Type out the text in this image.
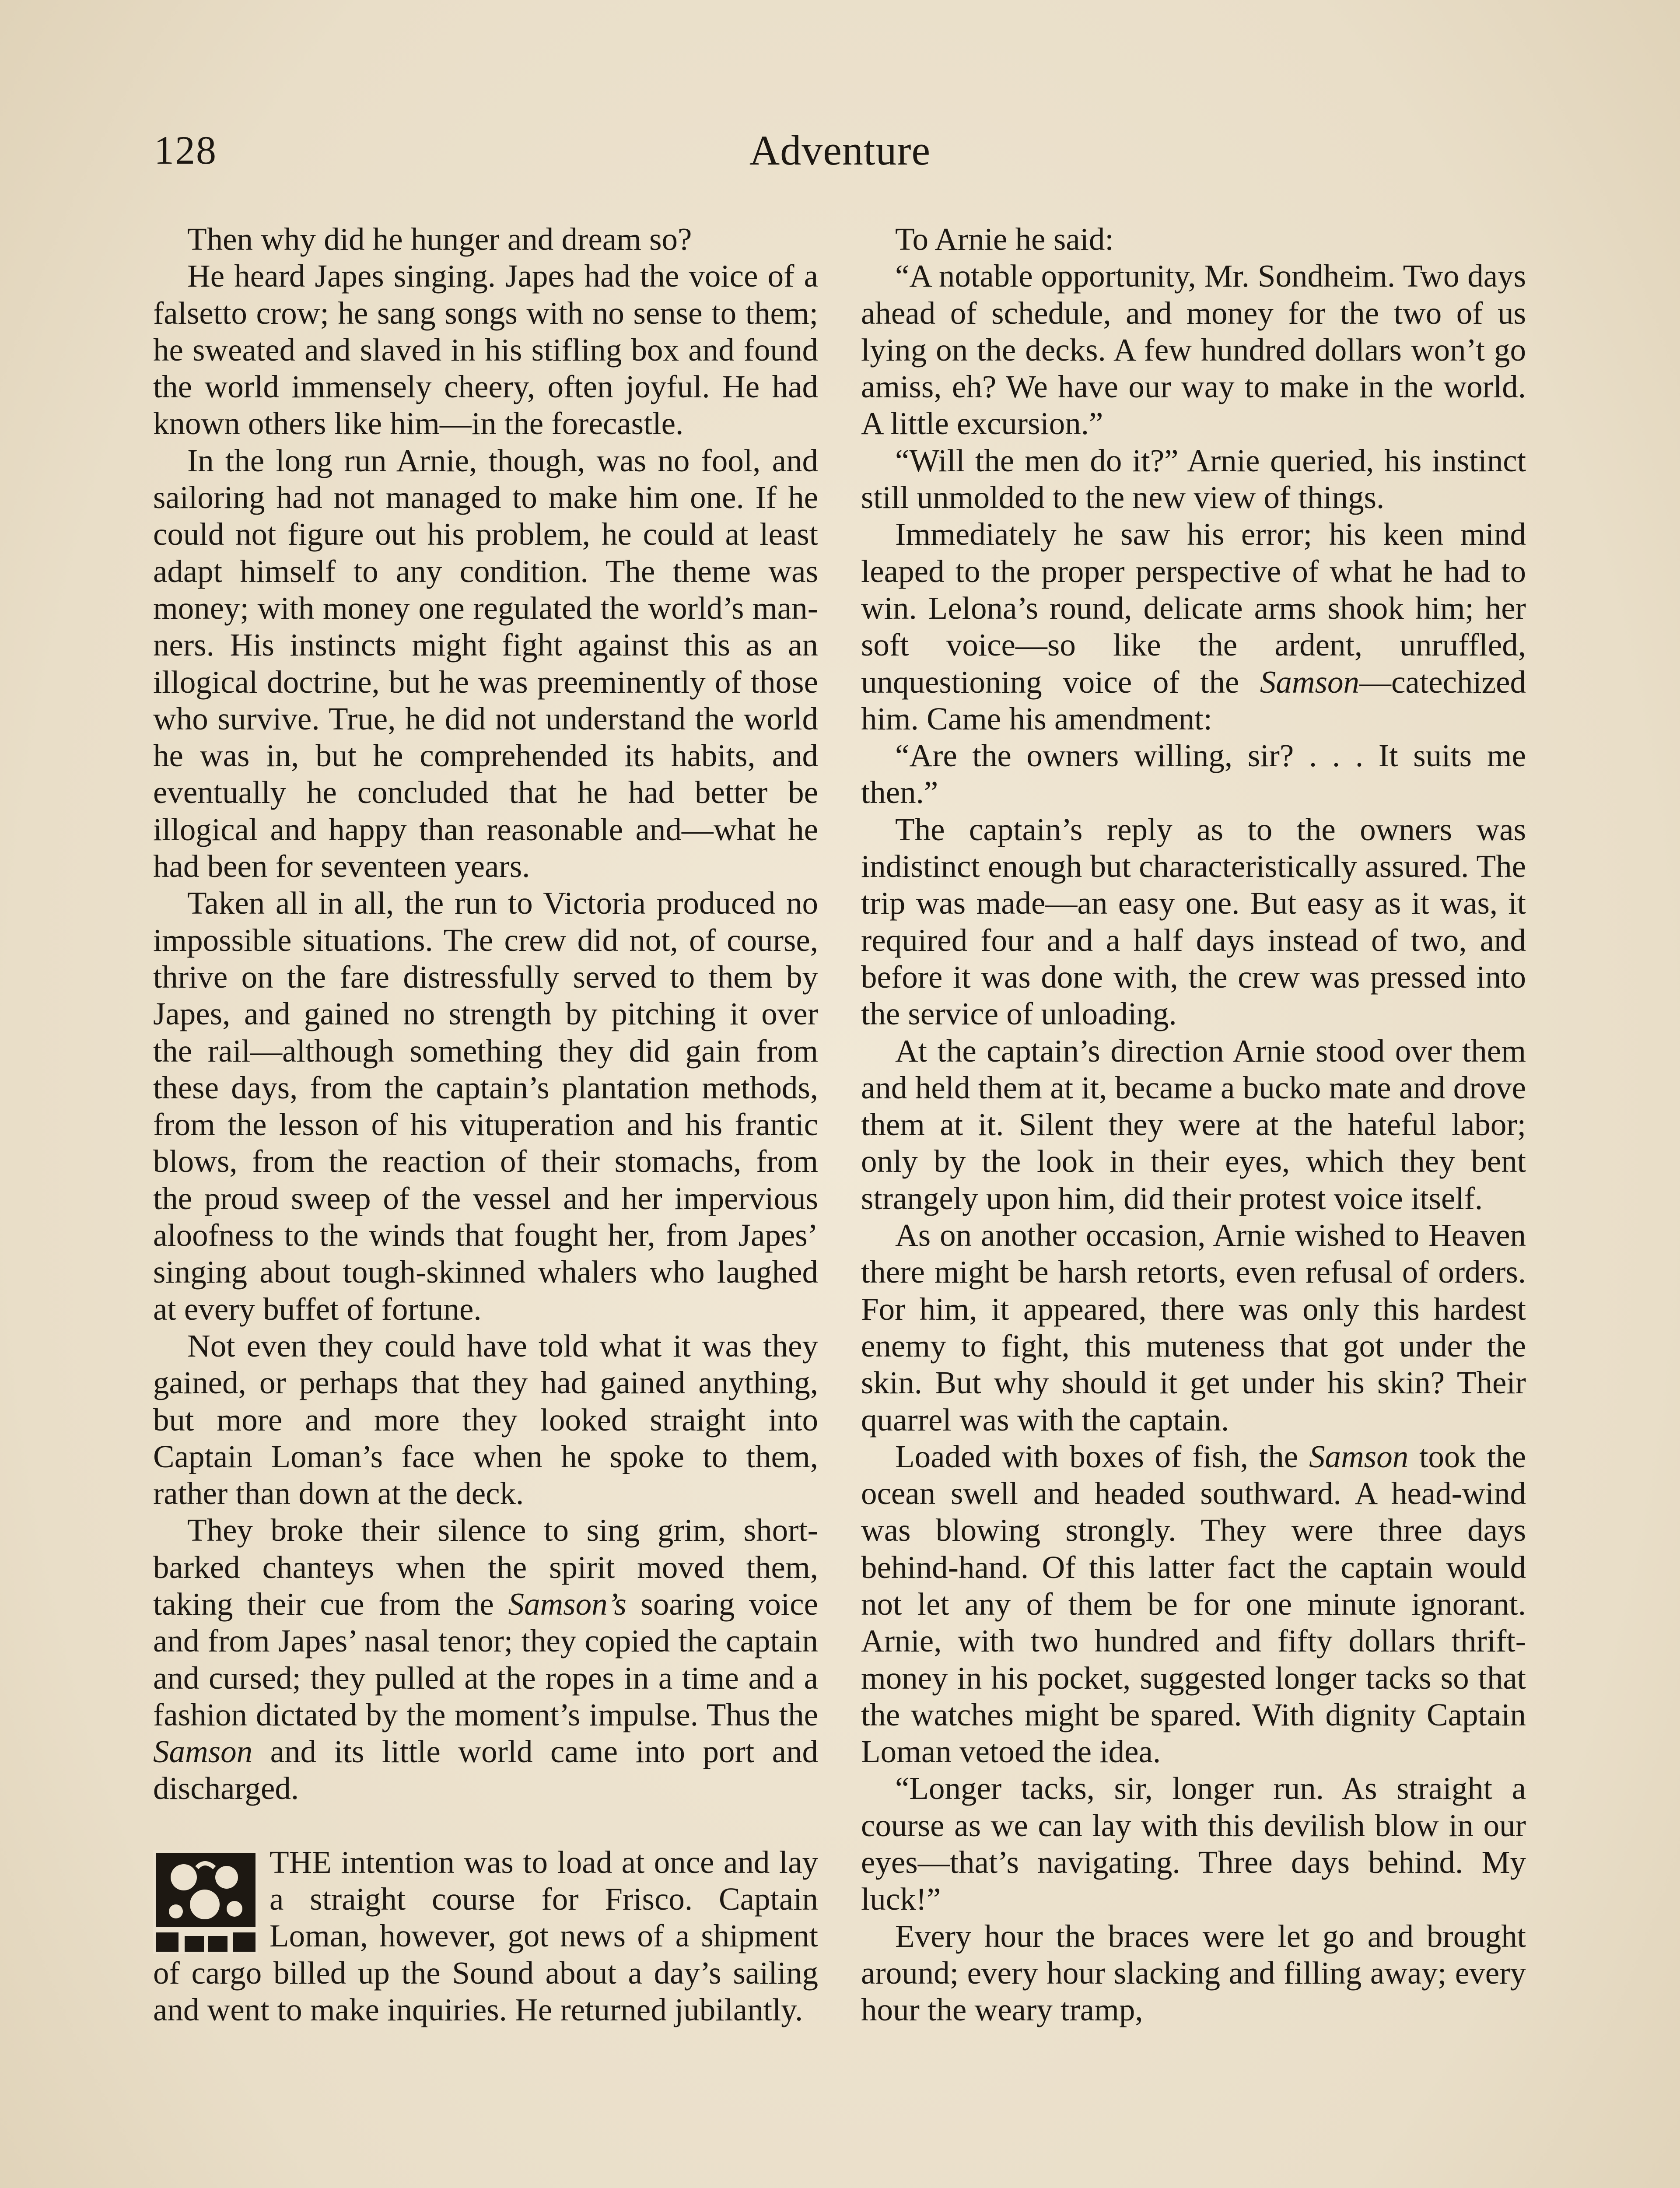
128	Adventure

Then why did he hunger and dream so?

He heard Japes singing. Japes had the voice of a falsetto crow; he sang songs with no sense to them; he sweated and slaved in his stifling box and found the world immensely cheery, often joyful. He had known others like him—in the forecastle.

In the long run Arnie, though, was no fool, and sailoring had not managed to make him one. If he could not figure out his problem, he could at least adapt himself to any condition. The theme was money; with money one regulated the world’s manners. His instincts might fight against this as an illogical doctrine, but he was preeminently of those who survive. True, he did not understand the world he was in, but he comprehended its habits, and eventually he concluded that he had better be illogical and happy than reasonable and—what he had been for seventeen years.

Taken all in all, the run to Victoria produced no impossible situations. The crew did not, of course, thrive on the fare distressfully served to them by Japes, and gained no strength by pitching it over the rail—although something they did gain from these days, from the captain’s plantation methods, from the lesson of his vituperation and his frantic blows, from the reaction of their stomachs, from the proud sweep of the vessel and her impervious aloofness to the winds that fought her, from Japes’ singing about tough-skinned whalers who laughed at every buffet of fortune.

Not even they could have told what it was they gained, or perhaps that they had gained anything, but more and more they looked straight into Captain Loman’s face when he spoke to them, rather than down at the deck.

They broke their silence to sing grim, short-barked chanteys when the spirit moved them, taking their cue from the Samson’s soaring voice and from Japes’ nasal tenor; they copied the captain and cursed; they pulled at the ropes in a time and a fashion dictated by the moment’s impulse. Thus the Samson and its little world came into port and discharged.

THE intention was to load at once and lay a straight course for Frisco. Captain Loman, however, got news of a shipment of cargo billed up the Sound about a day’s sailing and went to make inquiries. He returned jubilantly.

To Arnie he said:

“A notable opportunity, Mr. Sondheim. Two days ahead of schedule, and money for the two of us lying on the decks. A few hundred dollars won’t go amiss, eh? We have our way to make in the world. A little excursion.”

“Will the men do it?” Arnie queried, his instinct still unmolded to the new view of things.

Immediately he saw his error; his keen mind leaped to the proper perspective of what he had to win. Lelona’s round, delicate arms shook him; her soft voice—so like the ardent, unruffled, unquestioning voice of the Samson—catechized him. Came his amendment:

“Are the owners willing, sir? . . . It suits me then.”

The captain’s reply as to the owners was indistinct enough but characteristically assured. The trip was made—an easy one. But easy as it was, it required four and a half days instead of two, and before it was done with, the crew was pressed into the service of unloading.

At the captain’s direction Arnie stood over them and held them at it, became a bucko mate and drove them at it. Silent they were at the hateful labor; only by the look in their eyes, which they bent strangely upon him, did their protest voice itself.

As on another occasion, Arnie wished to Heaven there might be harsh retorts, even refusal of orders. For him, it appeared, there was only this hardest enemy to fight, this muteness that got under the skin. But why should it get under his skin? Their quarrel was with the captain.

Loaded with boxes of fish, the Samson took the ocean swell and headed southward. A head-wind was blowing strongly. They were three days behind-hand. Of this latter fact the captain would not let any of them be for one minute ignorant. Arnie, with two hundred and fifty dollars thrift-money in his pocket, suggested longer tacks so that the watches might be spared. With dignity Captain Loman vetoed the idea.

“Longer tacks, sir, longer run. As straight a course as we can lay with this devilish blow in our eyes—that’s navigating. Three days behind. My luck!”

Every hour the braces were let go and brought around; every hour slacking and filling away; every hour the weary tramp,
